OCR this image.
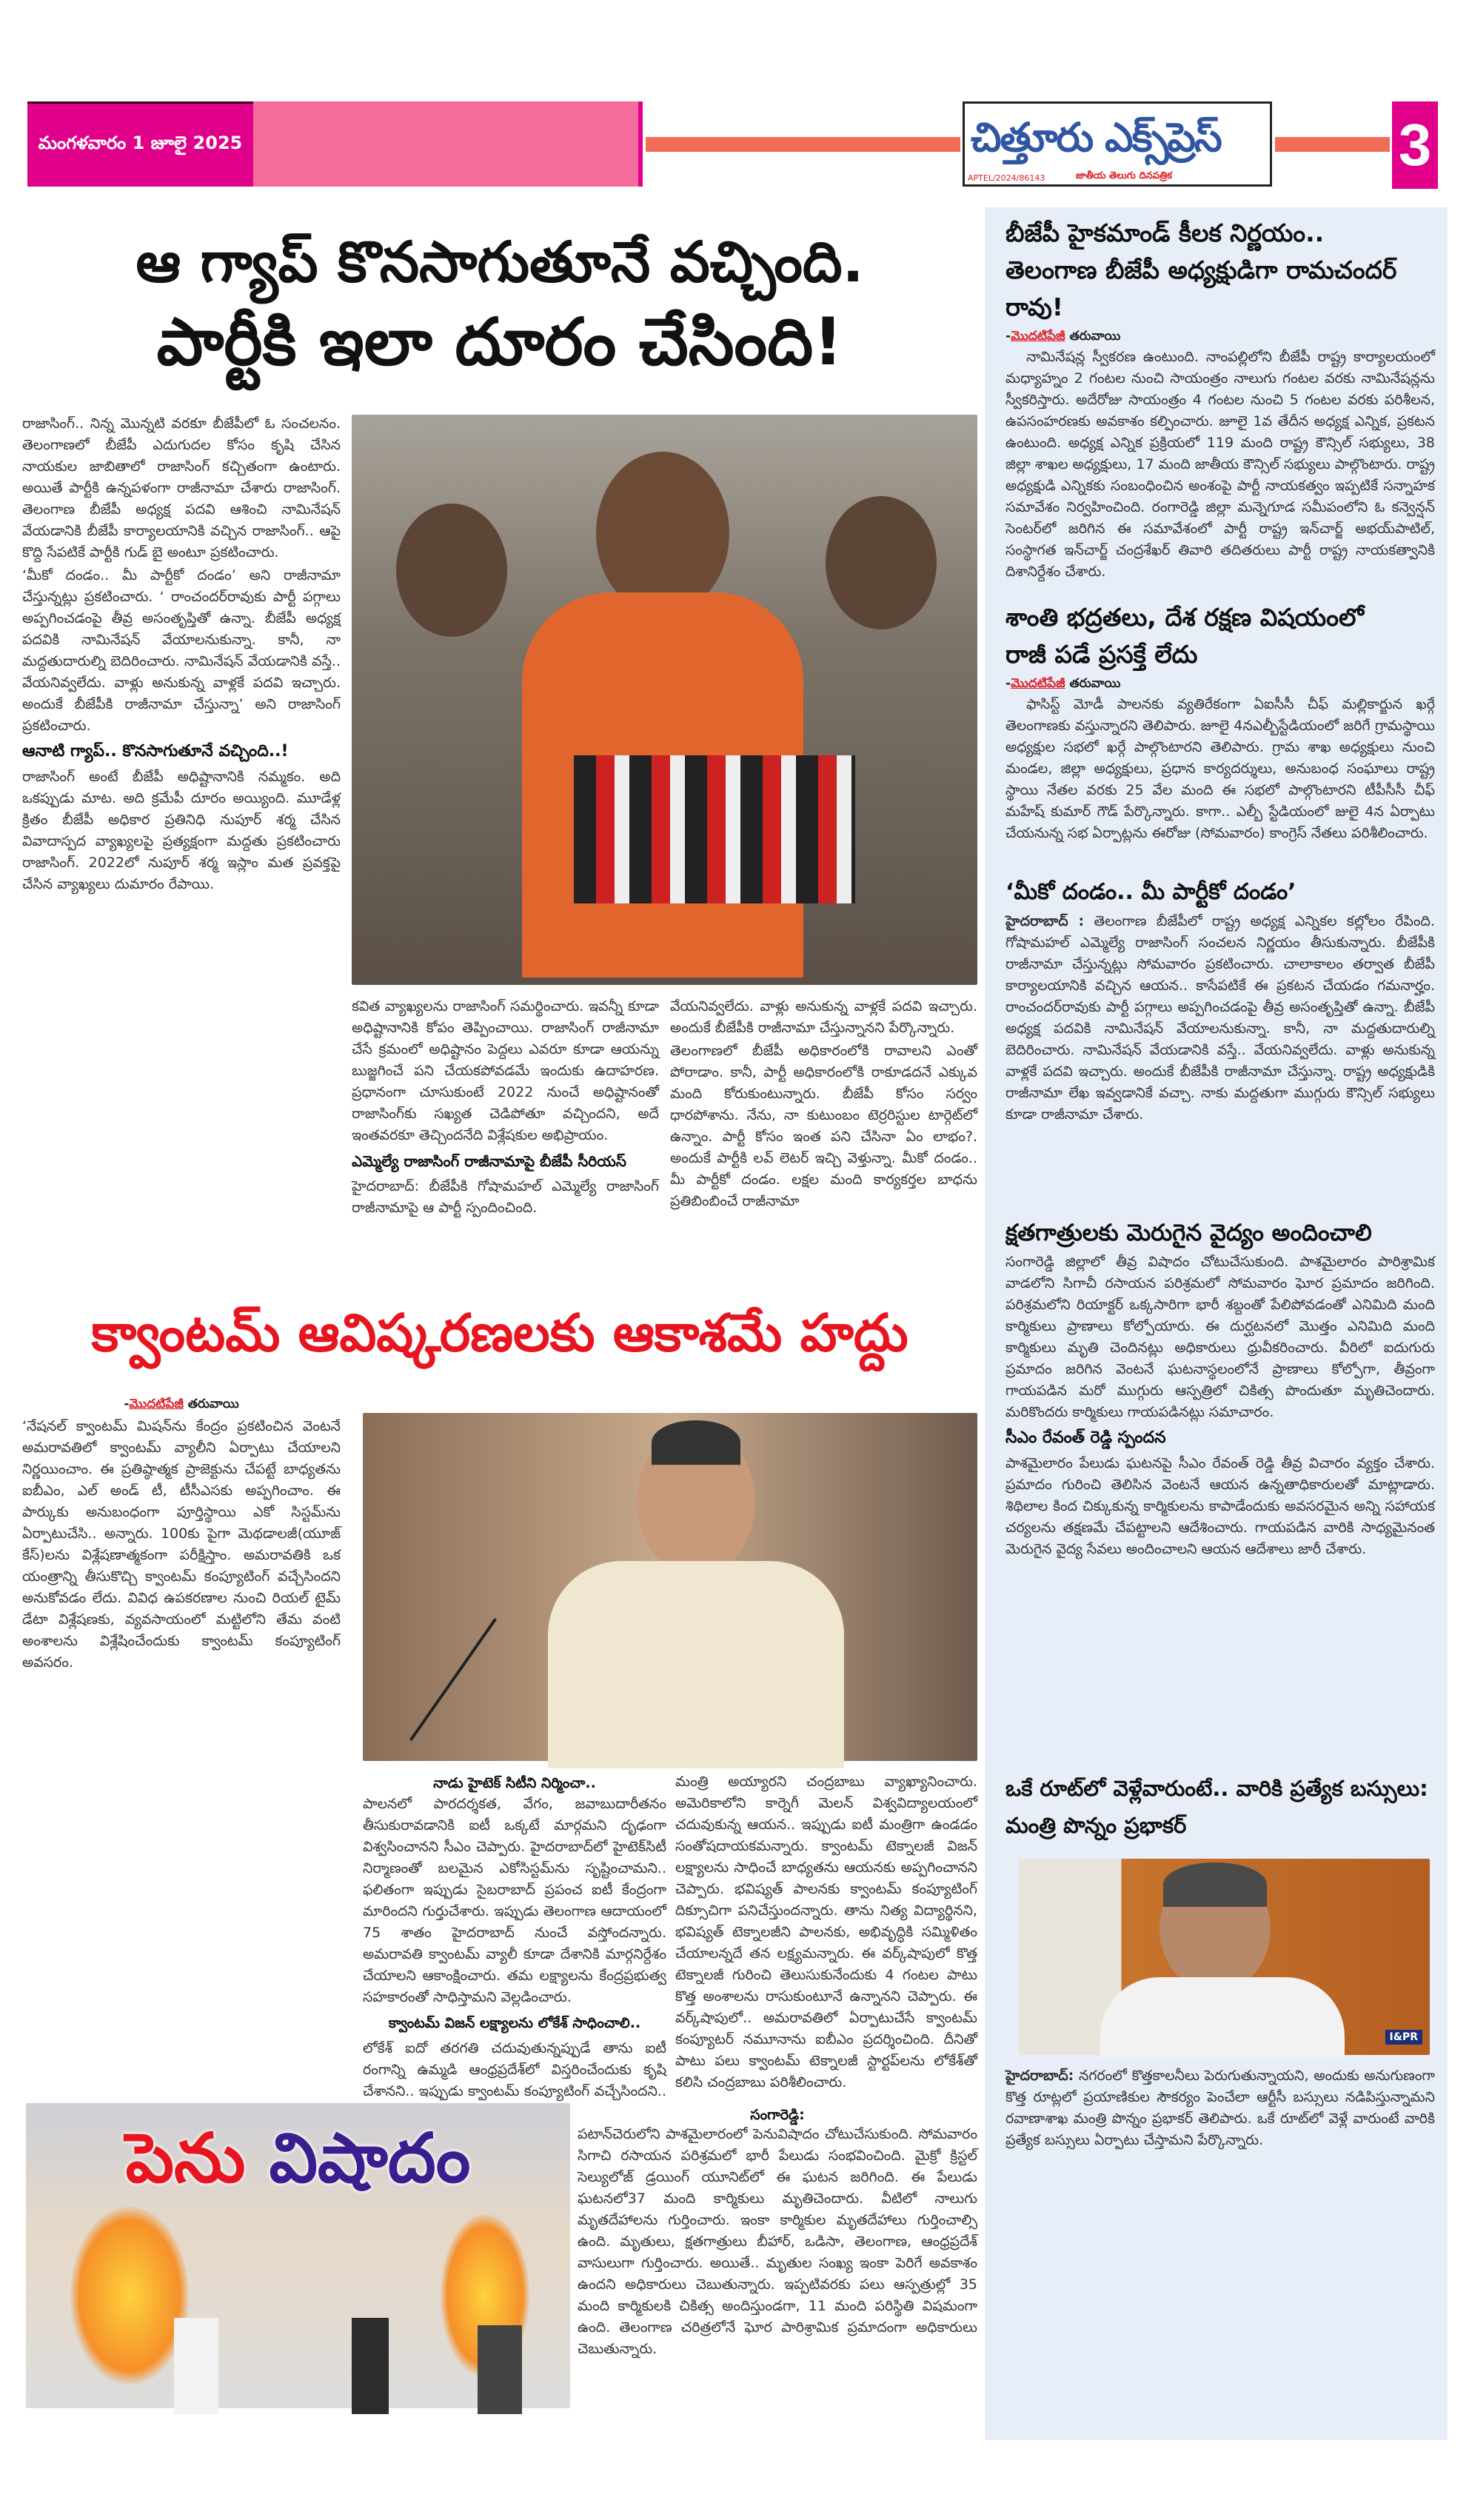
మంగళవారం 1 జూలై 2025	చిత్తూరు ఎక్స్‌ప్రెస్
జాతీయ తెలుగు దినపత్రిక
APTEL/2024/86143
3
ఆ గ్యాప్ కొనసాగుతూనే వచ్చింది.
పార్టీకి ఇలా దూరం చేసింది!

రాజాసింగ్.. నిన్న మొన్నటి వరకూ బీజేపీలో ఓ సంచలనం. తెలంగాణలో బీజేపీ ఎదుగుదల కోసం కృషి చేసిన నాయకుల జాబితాలో రాజాసింగ్ కచ్చితంగా ఉంటారు. అయితే పార్టీకి ఉన్నపళంగా రాజీనామా చేశారు రాజాసింగ్. తెలంగాణ బీజేపీ అధ్యక్ష పదవి ఆశించి నామినేషన్ వేయడానికి బీజేపీ కార్యాలయానికి వచ్చిన రాజాసింగ్.. ఆపై కొద్ది సేపటికే పార్టీకి గుడ్ బై అంటూ ప్రకటించారు.

‘మీకో దండం.. మీ పార్టీకో దండం’ అని రాజీనామా చేస్తున్నట్లు ప్రకటించారు. ‘ రాంచందర్‌రావుకు పార్టీ పగ్గాలు అప్పగించడంపై తీవ్ర అసంతృప్తితో ఉన్నా. బీజేపీ అధ్యక్ష పదవికి నామినేషన్ వేయాలనుకున్నా. కానీ, నా మద్దతుదారుల్ని బెదిరించారు. నామినేషన్ వేయడానికి వస్తే.. వేయనివ్వలేదు. వాళ్లు అనుకున్న వాళ్లకే పదవి ఇచ్చారు. అందుకే బీజేపీకి రాజీనామా చేస్తున్నా’ అని రాజాసింగ్ ప్రకటించారు.

ఆనాటి గ్యాప్.. కొనసాగుతూనే వచ్చింది..!

రాజాసింగ్ అంటే బీజేపీ అధిష్టానానికి నమ్మకం. అది ఒకప్పుడు మాట. అది క్రమేపీ దూరం అయ్యింది. మూడేళ్ల క్రితం బీజేపీ అధికార ప్రతినిధి నుపూర్ శర్మ చేసిన వివాదాస్పద వ్యాఖ్యలపై ప్రత్యక్షంగా మద్దతు ప్రకటించారు రాజాసింగ్. 2022లో నుపూర్ శర్మ ఇస్లాం మత ప్రవక్తపై చేసిన వ్యాఖ్యలు దుమారం రేపాయి.

కవిత వ్యాఖ్యలను రాజాసింగ్ సమర్థించారు. ఇవన్నీ కూడా అధిష్టానానికి కోపం తెప్పించాయి. రాజాసింగ్ రాజీనామా చేసే క్రమంలో అధిష్టానం పెద్దలు ఎవరూ కూడా ఆయన్ను బుజ్జగించే పని చేయకపోవడమే ఇందుకు ఉదాహరణ. ప్రధానంగా చూసుకుంటే 2022 నుంచే అధిష్టానంతో రాజాసింగ్‌కు సఖ్యత చెడిపోతూ వచ్చిందని, అదే ఇంతవరకూ తెచ్చిందనేది విశ్లేషకుల అభిప్రాయం.

ఎమ్మెల్యే రాజాసింగ్ రాజీనామాపై బీజేపీ సీరియస్

హైదరాబాద్: బీజేపీకి గోషామహల్ ఎమ్మెల్యే రాజాసింగ్ రాజీనామాపై ఆ పార్టీ స్పందించింది.

వేయనివ్వలేదు. వాళ్లు అనుకున్న వాళ్లకే పదవి ఇచ్చారు. అందుకే బీజేపీకి రాజీనామా చేస్తున్నానని పేర్కొన్నారు.

తెలంగాణలో బీజేపీ అధికారంలోకి రావాలని ఎంతో పోరాడాం. కానీ, పార్టీ అధికారంలోకి రాకూడదనే ఎక్కువ మంది కోరుకుంటున్నారు. బీజేపీ కోసం సర్వం ధారపోశాను. నేను, నా కుటుంబం టెర్రరిస్టుల టార్గెట్‌లో ఉన్నాం. పార్టీ కోసం ఇంత పని చేసినా ఏం లాభం?. అందుకే పార్టీకి లవ్ లెటర్ ఇచ్చి వెళ్తున్నా. మీకో దండం.. మీ పార్టీకో దండం. లక్షల మంది కార్యకర్తల బాధను ప్రతిబింబించే రాజీనామా

క్వాంటమ్ ఆవిష్కరణలకు ఆకాశమే హద్దు
-మొదటిపేజీ తరువాయి

‘నేషనల్ క్వాంటమ్ మిషన్‌ను కేంద్రం ప్రకటించిన వెంటనే అమరావతిలో క్వాంటమ్ వ్యాలీని ఏర్పాటు చేయాలని నిర్ణయించాం. ఈ ప్రతిష్ఠాత్మక ప్రాజెక్టును చేపట్టే బాధ్యతను ఐబీఎం, ఎల్ అండ్ టీ, టీసీఎసకు అప్పగించాం. ఈ పార్కుకు అనుబంధంగా పూర్తిస్థాయి ఎకో సిస్టమ్‌ను ఏర్పాటుచేసి.. అన్నారు. 100కు పైగా మెథడాలజీ(యూజ్ కేస్)లను విశ్లేషణాత్మకంగా పరీక్షిస్తాం. అమరావతికి ఒక యంత్రాన్ని తీసుకొచ్చి క్వాంటమ్ కంప్యూటింగ్ వచ్చేసిందని అనుకోవడం లేదు. వివిధ ఉపకరణాల నుంచి రియల్ టైమ్ డేటా విశ్లేషణకు, వ్యవసాయంలో మట్టిలోని తేమ వంటి అంశాలను విశ్లేషించేందుకు క్వాంటమ్ కంప్యూటింగ్ అవసరం.

నాడు హైటెక్ సిటీని నిర్మించా..

పాలనలో పారదర్శకత, వేగం, జవాబుదారీతనం తీసుకురావడానికి ఐటీ ఒక్కటే మార్గమని దృఢంగా విశ్వసించానని సీఎం చెప్పారు. హైదరాబాద్‌లో హైటెక్‌సిటీ నిర్మాణంతో బలమైన ఎకోసిస్టమ్‌ను సృష్టించామని.. ఫలితంగా ఇప్పుడు సైబరాబాద్ ప్రపంచ ఐటీ కేంద్రంగా మారిందని గుర్తుచేశారు. ఇప్పుడు తెలంగాణ ఆదాయంలో 75 శాతం హైదరాబాద్ నుంచే వస్తోందన్నారు. అమరావతి క్వాంటమ్ వ్యాలీ కూడా దేశానికి మార్గనిర్దేశం చేయాలని ఆకాంక్షించారు. తమ లక్ష్యాలను కేంద్రప్రభుత్వ సహకారంతో సాధిస్తామని వెల్లడించారు.

క్వాంటమ్ విజన్ లక్ష్యాలను లోకేశ్ సాధించాలి..

లోకేశ్ ఐదో తరగతి చదువుతున్నప్పుడే తాను ఐటీ రంగాన్ని ఉమ్మడి ఆంధ్రప్రదేశ్‌లో విస్తరించేందుకు కృషి చేశానని.. ఇప్పుడు క్వాంటమ్ కంప్యూటింగ్ వచ్చేసిందని..

మంత్రి అయ్యారని చంద్రబాబు వ్యాఖ్యానించారు. అమెరికాలోని కార్నెగీ మెలన్ విశ్వవిద్యాలయంలో చదువుకున్న ఆయన.. ఇప్పుడు ఐటీ మంత్రిగా ఉండడం సంతోషదాయకమన్నారు. క్వాంటమ్ టెక్నాలజీ విజన్ లక్ష్యాలను సాధించే బాధ్యతను ఆయనకు అప్పగించానని చెప్పారు. భవిష్యత్ పాలనకు క్వాంటమ్ కంప్యూటింగ్ దిక్సూచిగా పనిచేస్తుందన్నారు. తాను నిత్య విద్యార్థినని, భవిష్యత్ టెక్నాలజీని పాలనకు, అభివృద్ధికి సమ్మిళితం చేయాలన్నదే తన లక్ష్యమన్నారు. ఈ వర్క్‌షాపులో కొత్త టెక్నాలజీ గురించి తెలుసుకునేందుకు 4 గంటల పాటు కొత్త అంశాలను రాసుకుంటూనే ఉన్నానని చెప్పారు. ఈ వర్క్‌షాపులో.. అమరావతిలో ఏర్పాటుచేసే క్వాంటమ్ కంప్యూటర్ నమూనాను ఐబీఎం ప్రదర్శించింది. దీనితో పాటు పలు క్వాంటమ్ టెక్నాలజీ స్టార్టప్‌లను లోకేశ్‌తో కలిసి చంద్రబాబు పరిశీలించారు.

పెను విషాదం
సంగారెడ్డి:

పటాన్‌చెరులోని పాశమైలారంలో పెనువిషాదం చోటుచేసుకుంది. సోమవారం సిగాచి రసాయన పరిశ్రమలో భారీ పేలుడు సంభవించింది. మైక్రో క్రిస్టల్ సెల్యులోజ్ డ్రయింగ్ యూనిట్‌లో ఈ ఘటన జరిగింది. ఈ పేలుడు ఘటనలో37 మంది కార్మికులు మృతిచెందారు. వీటిలో నాలుగు మృతదేహాలను గుర్తించారు. ఇంకా కార్మికుల మృతదేహాలు గుర్తించాల్సి ఉంది. మృతులు, క్షతగాత్రులు బీహార్, ఒడిసా, తెలంగాణ, ఆంధ్రప్రదేశ్ వాసులుగా గుర్తించారు. అయితే.. మృతుల సంఖ్య ఇంకా పెరిగే అవకాశం ఉందని అధికారులు చెబుతున్నారు. ఇప్పటివరకు పలు ఆస్పత్రుల్లో 35 మంది కార్మికులకి చికిత్స అందిస్తుండగా, 11 మంది పరిస్థితి విషమంగా ఉంది. తెలంగాణ చరిత్రలోనే ఘోర పారిశ్రామిక ప్రమాదంగా అధికారులు చెబుతున్నారు.

బీజేపీ హైకమాండ్ కీలక నిర్ణయం..
తెలంగాణ బీజేపీ అధ్యక్షుడిగా రామచందర్ రావు!
-మొదటిపేజీ తరువాయి

నామినేషన్ల స్వీకరణ ఉంటుంది. నాంపల్లిలోని బీజేపీ రాష్ట్ర కార్యాలయంలో మధ్యాహ్నం 2 గంటల నుంచి సాయంత్రం నాలుగు గంటల వరకు నామినేషన్లను స్వీకరిస్తారు. అదేరోజు సాయంత్రం 4 గంటల నుంచి 5 గంటల వరకు పరిశీలన, ఉపసంహరణకు అవకాశం కల్పించారు. జూలై 1వ తేదీన అధ్యక్ష ఎన్నిక, ప్రకటన ఉంటుంది. అధ్యక్ష ఎన్నిక ప్రక్రియలో 119 మంది రాష్ట్ర కౌన్సిల్ సభ్యులు, 38 జిల్లా శాఖల అధ్యక్షులు, 17 మంది జాతీయ కౌన్సిల్ సభ్యులు పాల్గొంటారు. రాష్ట్ర అధ్యక్షుడి ఎన్నికకు సంబంధించిన అంశంపై పార్టీ నాయకత్వం ఇప్పటికే సన్నాహక సమావేశం నిర్వహించింది. రంగారెడ్డి జిల్లా మన్నెగూడ సమీపంలోని ఓ కన్వెన్షన్ సెంటర్‌లో జరిగిన ఈ సమావేశంలో పార్టీ రాష్ట్ర ఇన్‌చార్జ్ అభయ్‌పాటిల్, సంస్థాగత ఇన్‌చార్జ్ చంద్రశేఖర్ తివారి తదితరులు పార్టీ రాష్ట్ర నాయకత్వానికి దిశానిర్దేశం చేశారు.

శాంతి భద్రతలు, దేశ రక్షణ విషయంలో
రాజీ పడే ప్రసక్తే లేదు
-మొదటిపేజీ తరువాయి

ఫాసిస్ట్ మోడీ పాలనకు వ్యతిరేకంగా ఏఐసీసీ చీఫ్ మల్లికార్జున ఖర్గే తెలంగాణకు వస్తున్నారని తెలిపారు. జూలై 4నఎల్బీస్టేడియంలో జరిగే గ్రామస్థాయి అధ్యక్షుల సభలో ఖర్గే పాల్గొంటారని తెలిపారు. గ్రామ శాఖ అధ్యక్షులు నుంచి మండల, జిల్లా అధ్యక్షులు, ప్రధాన కార్యదర్శులు, అనుబంధ సంఘాలు రాష్ట్ర స్థాయి నేతల వరకు 25 వేల మంది ఈ సభలో పాల్గొంటారని టీపీసీసీ చీఫ్ మహేష్ కుమార్ గౌడ్ పేర్కొన్నారు. కాగా.. ఎల్బీ స్టేడియంలో జులై 4న ఏర్పాటు చేయనున్న సభ ఏర్పాట్లను ఈరోజు (సోమవారం) కాంగ్రెస్ నేతలు పరిశీలించారు.

‘మీకో దండం.. మీ పార్టీకో దండం’

హైదరాబాద్ : తెలంగాణ బీజేపీలో రాష్ట్ర అధ్యక్ష ఎన్నికల కల్లోలం రేపింది. గోషామహల్ ఎమ్మెల్యే రాజాసింగ్ సంచలన నిర్ణయం తీసుకున్నారు. బీజేపీకి రాజీనామా చేస్తున్నట్లు సోమవారం ప్రకటించారు. చాలాకాలం తర్వాత బీజేపీ కార్యాలయానికి వచ్చిన ఆయన.. కాసేపటికే ఈ ప్రకటన చేయడం గమనార్హం. రాంచందర్‌రావుకు పార్టీ పగ్గాలు అప్పగించడంపై తీవ్ర అసంతృప్తితో ఉన్నా. బీజేపీ అధ్యక్ష పదవికి నామినేషన్ వేయాలనుకున్నా. కానీ, నా మద్దతుదారుల్ని బెదిరించారు. నామినేషన్ వేయడానికి వస్తే.. వేయనివ్వలేదు. వాళ్లు అనుకున్న వాళ్లకే పదవి ఇచ్చారు. అందుకే బీజేపీకి రాజీనామా చేస్తున్నా. రాష్ట్ర అధ్యక్షుడికి రాజీనామా లేఖ ఇవ్వడానికే వచ్చా. నాకు మద్దతుగా ముగ్గురు కౌన్సిల్ సభ్యులు కూడా రాజీనామా చేశారు.

క్షతగాత్రులకు మెరుగైన వైద్యం అందించాలి

సంగారెడ్డి జిల్లాలో తీవ్ర విషాదం చోటుచేసుకుంది. పాశమైలారం పారిశ్రామిక వాడలోని సిగాచీ రసాయన పరిశ్రమలో సోమవారం ఘోర ప్రమాదం జరిగింది. పరిశ్రమలోని రియాక్టర్ ఒక్కసారిగా భారీ శబ్దంతో పేలిపోవడంతో ఎనిమిది మంది కార్మికులు ప్రాణాలు కోల్పోయారు. ఈ దుర్ఘటనలో మొత్తం ఎనిమిది మంది కార్మికులు మృతి చెందినట్లు అధికారులు ధ్రువీకరించారు. వీరిలో ఐదుగురు ప్రమాదం జరిగిన వెంటనే ఘటనాస్థలంలోనే ప్రాణాలు కోల్పోగా, తీవ్రంగా గాయపడిన మరో ముగ్గురు ఆస్పత్రిలో చికిత్స పొందుతూ మృతిచెందారు. మరికొందరు కార్మికులు గాయపడినట్లు సమాచారం.

సీఎం రేవంత్ రెడ్డి స్పందన

పాశమైలారం పేలుడు ఘటనపై సీఎం రేవంత్ రెడ్డి తీవ్ర విచారం వ్యక్తం చేశారు. ప్రమాదం గురించి తెలిసిన వెంటనే ఆయన ఉన్నతాధికారులతో మాట్లాడారు. శిథిలాల కింద చిక్కుకున్న కార్మికులను కాపాడేందుకు అవసరమైన అన్ని సహాయక చర్యలను తక్షణమే చేపట్టాలని ఆదేశించారు. గాయపడిన వారికి సాధ్యమైనంత మెరుగైన వైద్య సేవలు అందించాలని ఆయన ఆదేశాలు జారీ చేశారు.

ఒకే రూట్‌లో వెళ్లేవారుంటే.. వారికి ప్రత్యేక బస్సులు:
మంత్రి పొన్నం ప్రభాకర్
I&PR

హైదరాబాద్: నగరంలో కొత్తకాలనీలు పెరుగుతున్నాయని, అందుకు అనుగుణంగా కొత్త రూట్లలో ప్రయాణికుల సౌకర్యం పెంచేలా ఆర్టీసీ బస్సులు నడిపిస్తున్నామని రవాణాశాఖ మంత్రి పొన్నం ప్రభాకర్ తెలిపారు. ఒకే రూట్‌లో వెళ్లే వారుంటే వారికి ప్రత్యేక బస్సులు ఏర్పాటు చేస్తామని పేర్కొన్నారు.
